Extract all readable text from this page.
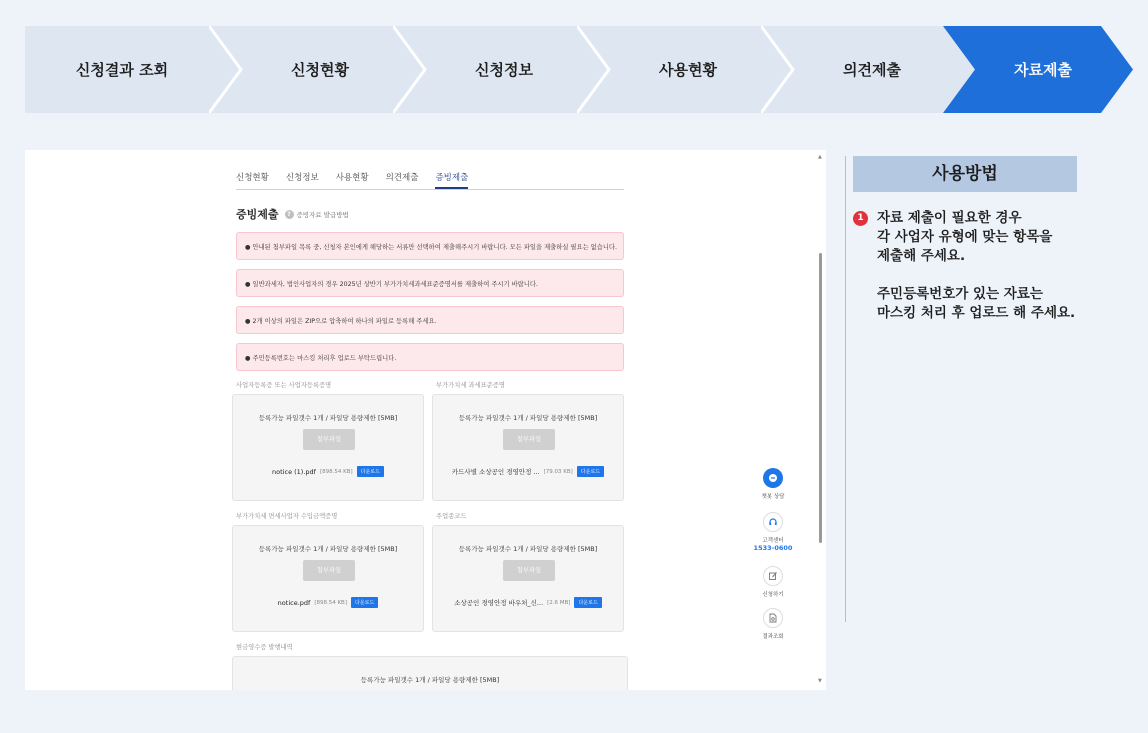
신청결과 조회	신청현황	신청정보	사용현황	의견제출	자료제출
신청현황 신청정보 사용현황 의견제출 증빙제출
증빙제출	? 증빙자료 발급방법
● 안내된 첨부파일 목록 중, 신청자 본인에게 해당하는 서류만 선택하여 제출해주시기 바랍니다. 모든 파일을 제출하실 필요는 없습니다.
● 일반과세자, 법인사업자의 경우 2025년 상반기 부가가치세과세표준증명서를 제출하여 주시기 바랍니다.
● 2개 이상의 파일은 ZIP으로 압축하여 하나의 파일로 등록해 주세요.
● 주민등록번호는 마스킹 처리후 업로드 부탁드립니다.
사업자등록증 또는 사업자등록증명
등록가능 파일갯수 1개 / 파일당 용량제한 [5MB]
첨부파일
notice (1).pdf [898.54 KB]	다운로드
부가가치세 과세표준증명
등록가능 파일갯수 1개 / 파일당 용량제한 [5MB]
첨부파일
카드사별 소상공인 경영안정 ... [79.03 KB]	다운로드
부가가치세 면세사업자 수입금액증명
등록가능 파일갯수 1개 / 파일당 용량제한 [5MB]
첨부파일
notice.pdf [898.54 KB]	다운로드
주업종코드
등록가능 파일갯수 1개 / 파일당 용량제한 [5MB]
첨부파일
소상공인 경영안정 바우처_신... [2.6 MB]	다운로드
현금영수증 발행내역
등록가능 파일갯수 1개 / 파일당 용량제한 [5MB]
챗봇 상담
고객센터
1533-0600
신청하기
결과조회
▲
▼
사용방법
1 자료 제출이 필요한 경우
각 사업자 유형에 맞는 항목을
제출해 주세요.
주민등록번호가 있는 자료는
마스킹 처리 후 업로드 해 주세요.
